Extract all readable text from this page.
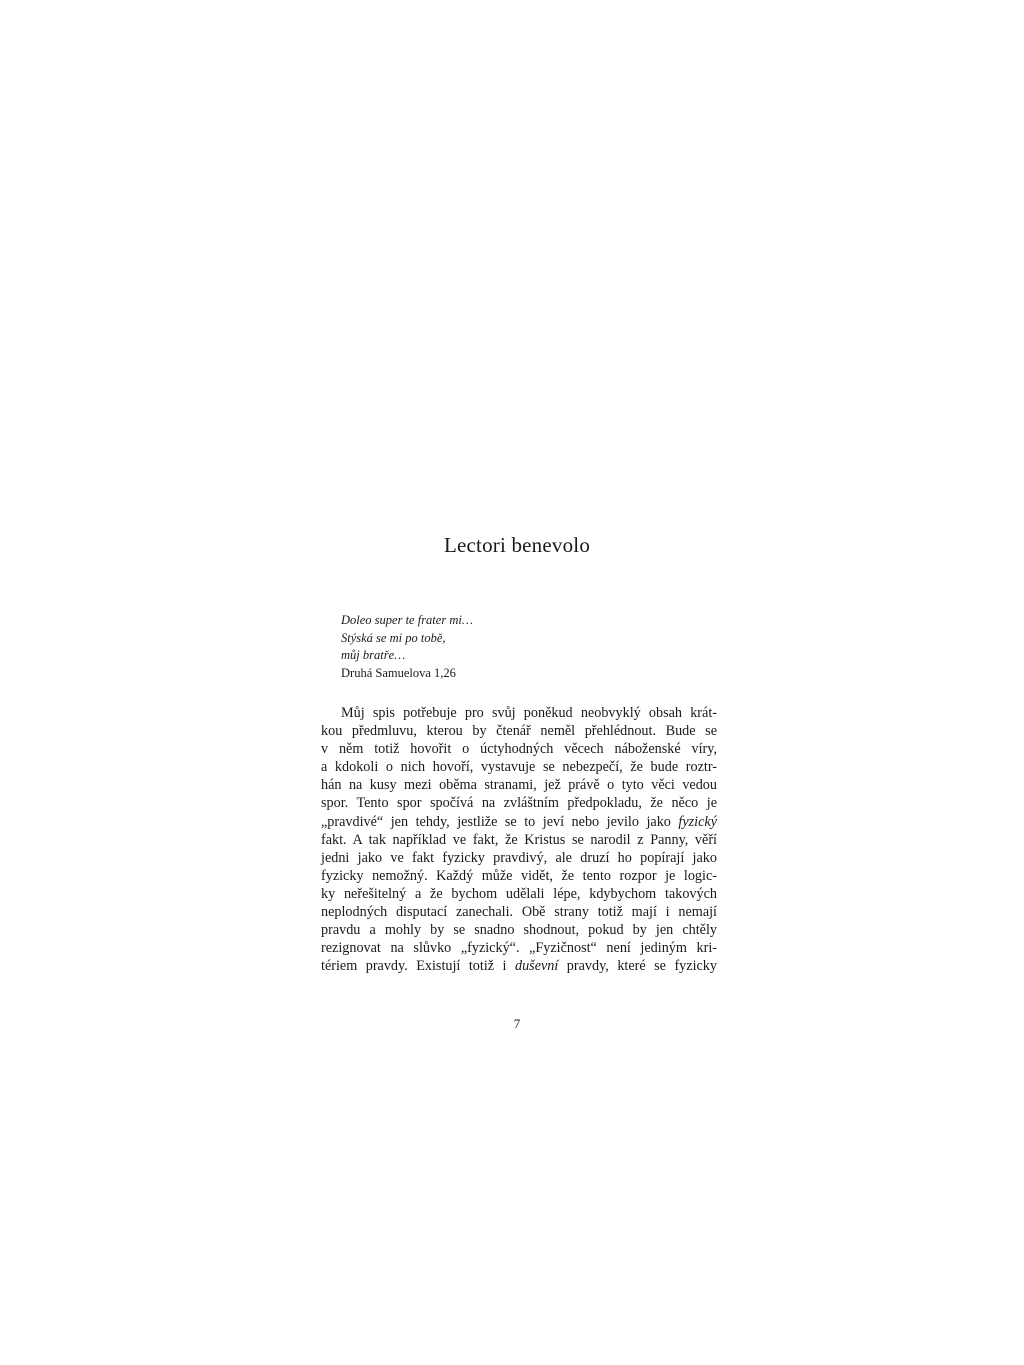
Lectori benevolo
Doleo super te frater mi…
Stýská se mi po tobě,
můj bratře…
Druhá Samuelova 1,26
Můj spis potřebuje pro svůj poněkud neobvyklý obsah krát-
kou předmluvu, kterou by čtenář neměl přehlédnout. Bude se
v něm totiž hovořit o úctyhodných věcech náboženské víry,
a kdokoli o nich hovoří, vystavuje se nebezpečí, že bude roztr-
hán na kusy mezi oběma stranami, jež právě o tyto věci vedou
spor. Tento spor spočívá na zvláštním předpokladu, že něco je
„pravdivé“ jen tehdy, jestliže se to jeví nebo jevilo jako fyzický
fakt. A tak například ve fakt, že Kristus se narodil z Panny, věří
jedni jako ve fakt fyzicky pravdivý, ale druzí ho popírají jako
fyzicky nemožný. Každý může vidět, že tento rozpor je logic-
ky neřešitelný a že bychom udělali lépe, kdybychom takových
neplodných disputací zanechali. Obě strany totiž mají i nemají
pravdu a mohly by se snadno shodnout, pokud by jen chtěly
rezignovat na slůvko „fyzický“. „Fyzičnost“ není jediným kri-
tériem pravdy. Existují totiž i duševní pravdy, které se fyzicky
7
